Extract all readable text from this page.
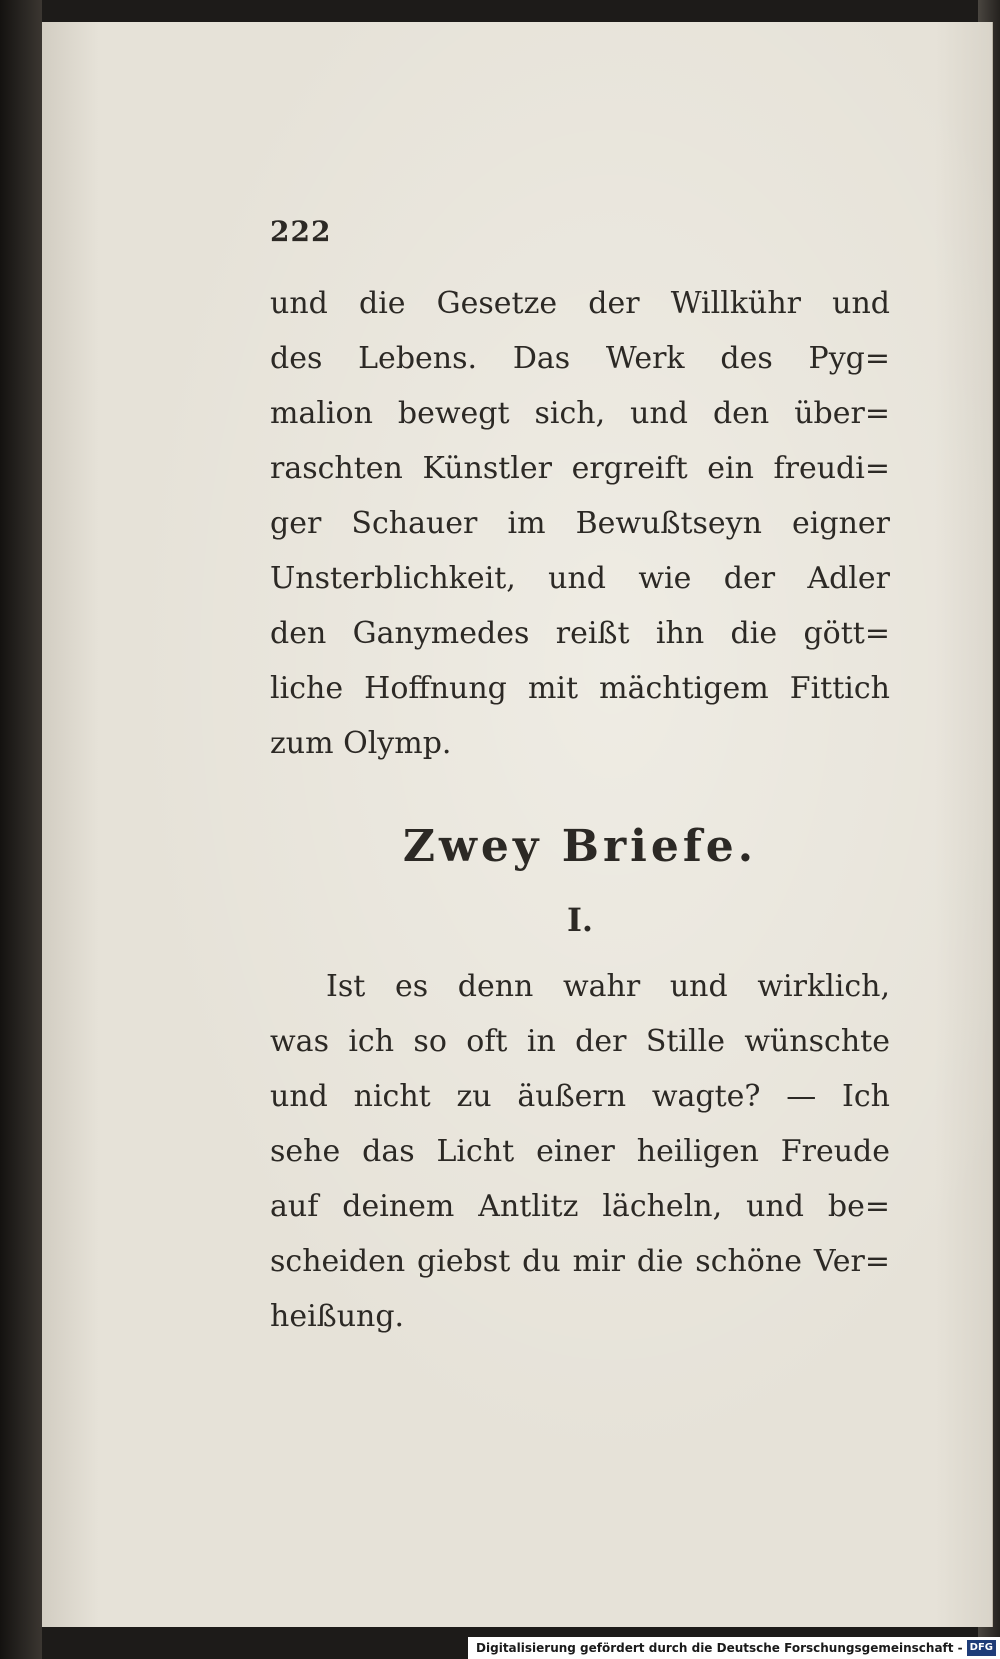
222

und die Gesetze der Willkühr und
des Lebens. Das Werk des Pyg=
malion bewegt sich, und den über=
raschten Künstler ergreift ein freudi=
ger Schauer im Bewußtseyn eigner
Unsterblichkeit, und wie der Adler
den Ganymedes reißt ihn die gött=
liche Hoffnung mit mächtigem Fittich
zum Olymp.

Zwey Briefe.
I.

Ist es denn wahr und wirklich,
was ich so oft in der Stille wünschte
und nicht zu äußern wagte? — Ich
sehe das Licht einer heiligen Freude
auf deinem Antlitz lächeln, und be=
scheiden giebst du mir die schöne Ver=
heißung.

Digitalisierung gefördert durch die Deutsche Forschungsgemeinschaft - DFG
